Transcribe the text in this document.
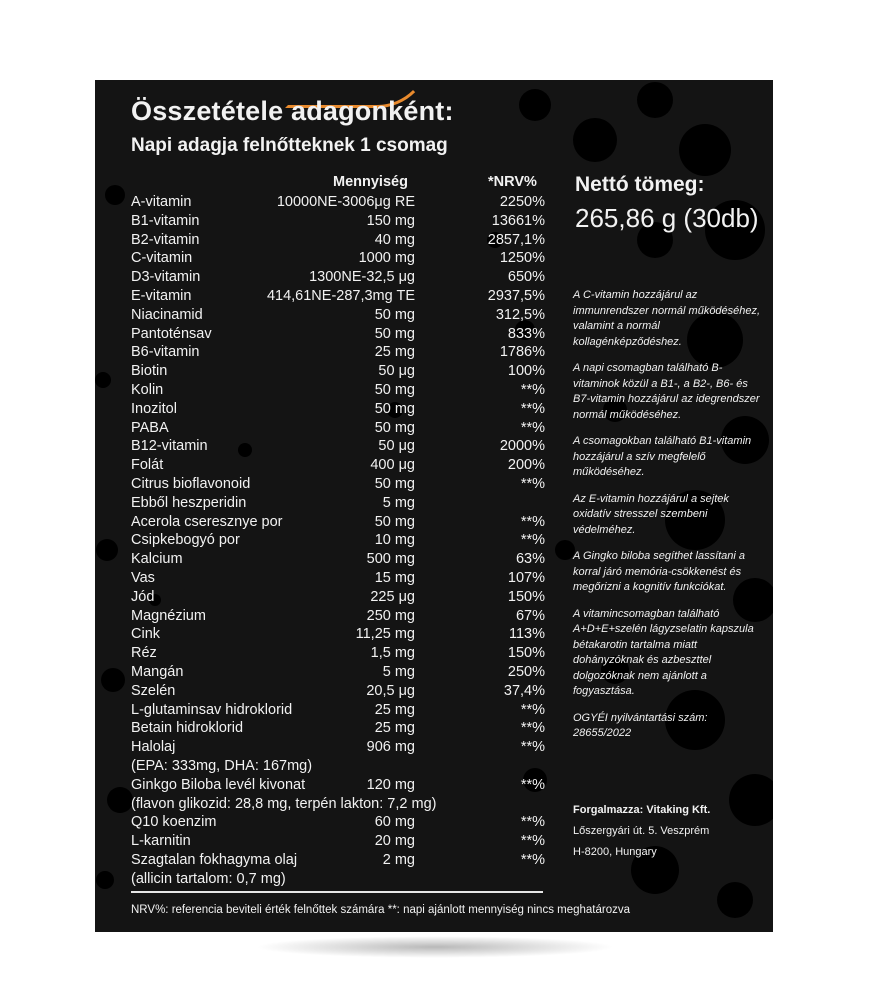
Összetétele adagonként:
Napi adagja felnőtteknek 1 csomag
Mennyiség	*NRV%
A-vitamin	10000NE-3006μg RE	2250%
B1-vitamin	150 mg	13661%
B2-vitamin	40 mg	2857,1%
C-vitamin	1000 mg	1250%
D3-vitamin	1300NE-32,5 μg	650%
E-vitamin	414,61NE-287,3mg TE	2937,5%
Niacinamid	50 mg	312,5%
Pantoténsav	50 mg	833%
B6-vitamin	25 mg	1786%
Biotin	50 μg	100%
Kolin	50 mg	**%
Inozitol	50 mg	**%
PABA	50 mg	**%
B12-vitamin	50 μg	2000%
Folát	400 μg	200%
Citrus bioflavonoid	50 mg	**%
Ebből heszperidin	5 mg
Acerola cseresznye por	50 mg	**%
Csipkebogyó por	10 mg	**%
Kalcium	500 mg	63%
Vas	15 mg	107%
Jód	225 μg	150%
Magnézium	250 mg	67%
Cink	11,25 mg	113%
Réz	1,5 mg	150%
Mangán	5 mg	250%
Szelén	20,5 μg	37,4%
L-glutaminsav hidroklorid	25 mg	**%
Betain hidroklorid	25 mg	**%
Halolaj	906 mg	**%
(EPA: 333mg, DHA: 167mg)
Ginkgo Biloba levél kivonat	120 mg	**%
(flavon glikozid: 28,8 mg, terpén lakton: 7,2 mg)
Q10 koenzim	60 mg	**%
L-karnitin	20 mg	**%
Szagtalan fokhagyma olaj	2 mg	**%
(allicin tartalom: 0,7 mg)
NRV%: referencia beviteli érték felnőttek számára **: napi ajánlott mennyiség nincs meghatározva
Nettó tömeg:
265,86 g (30db)

A C-vitamin hozzájárul az immunrendszer normál működéséhez, valamint a normál kollagénképződéshez.

A napi csomagban található B-vitaminok közül a B1-, a B2-, B6- és B7-vitamin hozzájárul az idegrendszer normál működéséhez.

A csomagokban található B1-vitamin hozzájárul a szív megfelelő működéséhez.

Az E-vitamin hozzájárul a sejtek oxidatív stresszel szembeni védelméhez.

A Gingko biloba segíthet lassítani a korral járó memória-csökkenést és megőrizni a kognitív funkciókat.

A vitamincsomagban található A+D+E+szelén lágyzselatin kapszula bétakarotin tartalma miatt dohányzóknak és azbeszttel dolgozóknak nem ajánlott a fogyasztása.

OGYÉI nyilvántartási szám: 28655/2022

Forgalmazza: Vitaking Kft.
Lőszergyári út. 5. Veszprém
H-8200, Hungary
